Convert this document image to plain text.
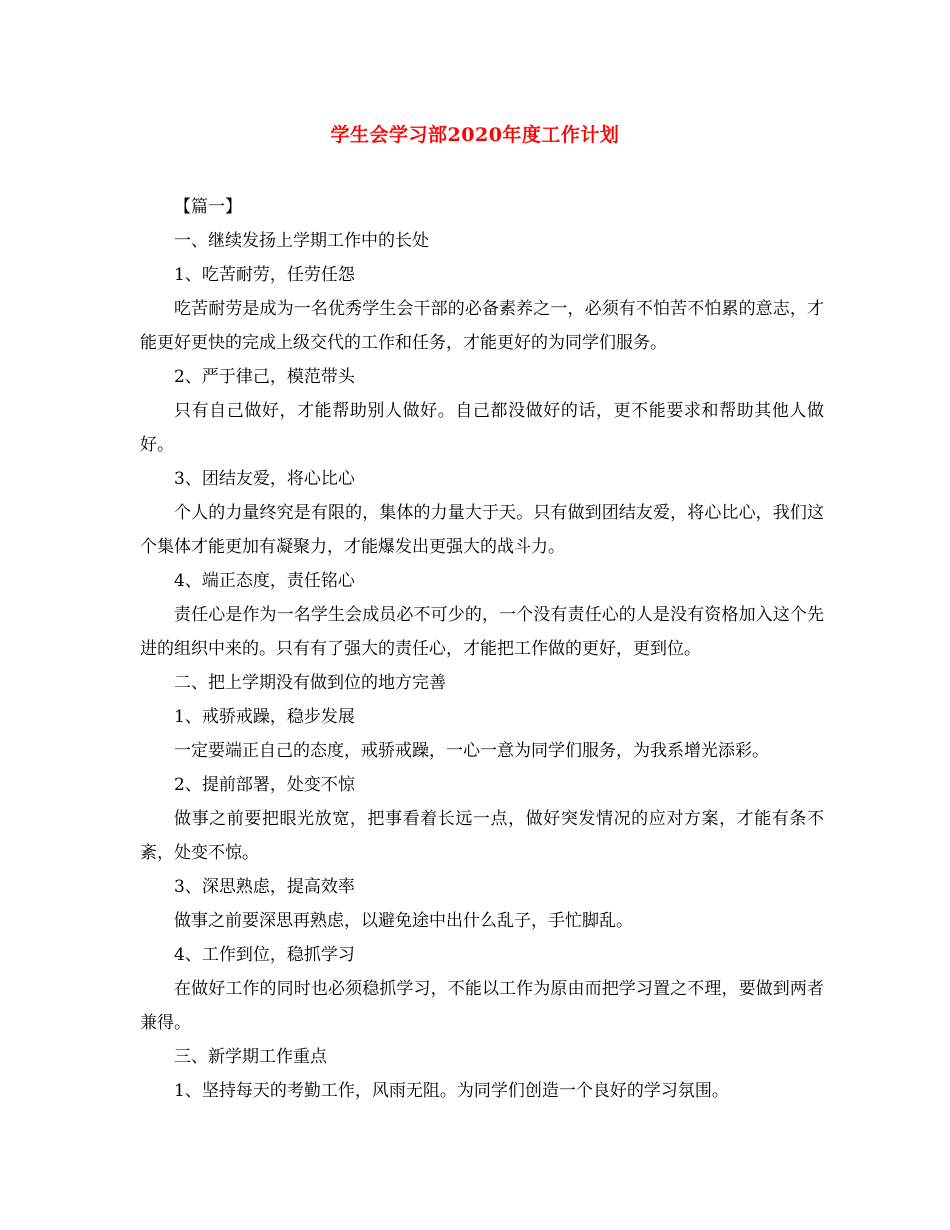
学生会学习部2020年度工作计划

【篇一】

一、继续发扬上学期工作中的长处

1、吃苦耐劳，任劳任怨

吃苦耐劳是成为一名优秀学生会干部的必备素养之一，必须有不怕苦不怕累的意志，才能更好更快的完成上级交代的工作和任务，才能更好的为同学们服务。

2、严于律己，模范带头

只有自己做好，才能帮助别人做好。自己都没做好的话，更不能要求和帮助其他人做好。

3、团结友爱，将心比心

个人的力量终究是有限的，集体的力量大于天。只有做到团结友爱，将心比心，我们这个集体才能更加有凝聚力，才能爆发出更强大的战斗力。

4、端正态度，责任铭心

责任心是作为一名学生会成员必不可少的，一个没有责任心的人是没有资格加入这个先进的组织中来的。只有有了强大的责任心，才能把工作做的更好，更到位。

二、把上学期没有做到位的地方完善

1、戒骄戒躁，稳步发展

一定要端正自己的态度，戒骄戒躁，一心一意为同学们服务，为我系增光添彩。

2、提前部署，处变不惊

做事之前要把眼光放宽，把事看着长远一点，做好突发情况的应对方案，才能有条不紊，处变不惊。

3、深思熟虑，提高效率

做事之前要深思再熟虑，以避免途中出什么乱子，手忙脚乱。

4、工作到位，稳抓学习

在做好工作的同时也必须稳抓学习，不能以工作为原由而把学习置之不理，要做到两者兼得。

三、新学期工作重点

1、坚持每天的考勤工作，风雨无阻。为同学们创造一个良好的学习氛围。
